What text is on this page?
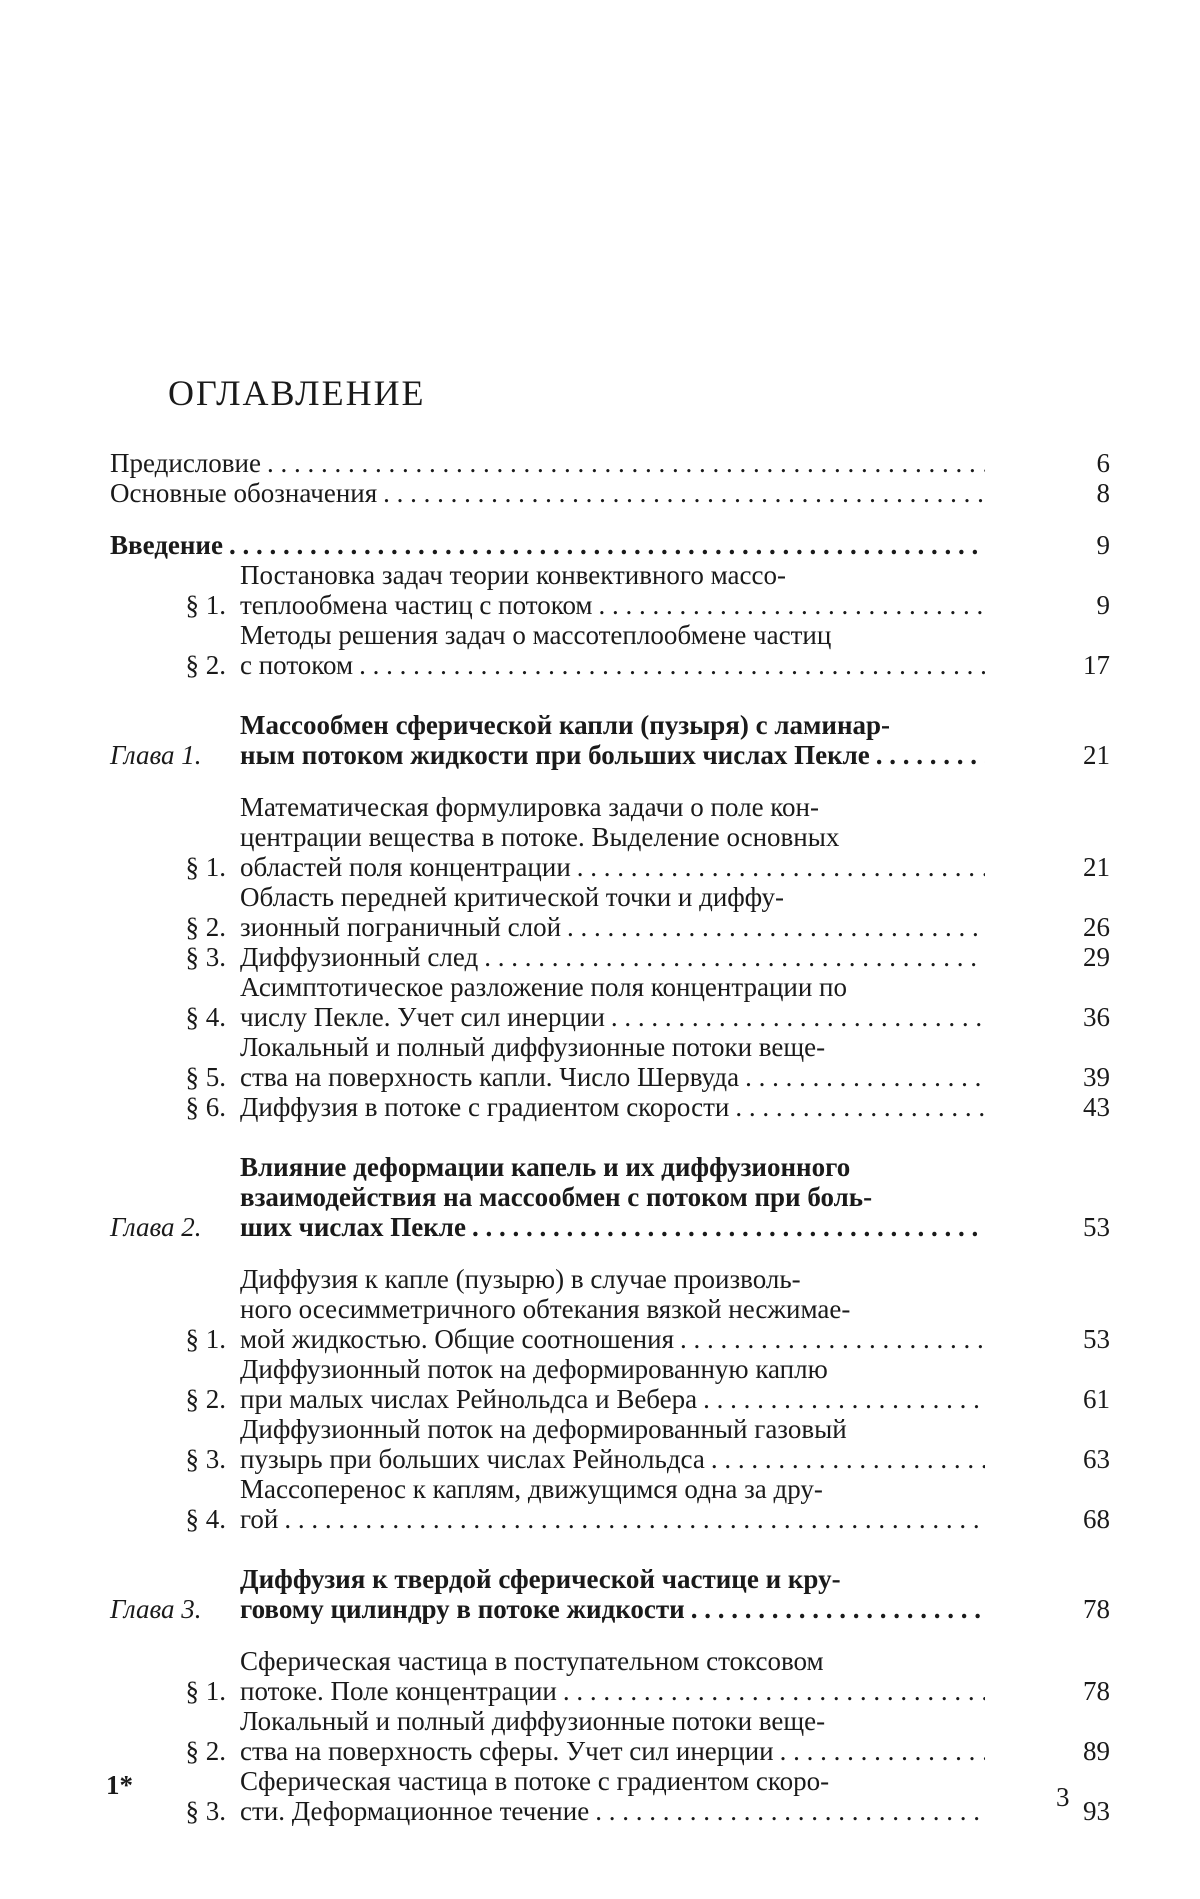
ОГЛАВЛЕНИЕ
Предисловие . . .	6
Основные обозначения . . .	8
Введение . . .	9
§ 1.
Постановка задач теории конвективного массо-
теплообмена частиц с потоком . . .	9
§ 2.
Методы решения задач о массотеплообмене частиц
с потоком . . .	17
Глава 1.
Массообмен сферической капли (пузыря) с ламинар-
ным потоком жидкости при больших числах Пекле . . .	21
§ 1.
Математическая формулировка задачи о поле кон-
центрации вещества в потоке. Выделение основных
областей поля концентрации . . .	21
§ 2.
Область передней критической точки и диффу-
зионный пограничный слой . . .	26
§ 3. Диффузионный след . . .	29
§ 4.
Асимптотическое разложение поля концентрации по
числу Пекле. Учет сил инерции . . .	36
§ 5.
Локальный и полный диффузионные потоки веще-
ства на поверхность капли. Число Шервуда . . .	39
§ 6. Диффузия в потоке с градиентом скорости . . .	43
Глава 2.
Влияние деформации капель и их диффузионного
взаимодействия на массообмен с потоком при боль-
ших числах Пекле . . .	53
§ 1.
Диффузия к капле (пузырю) в случае произволь-
ного осесимметричного обтекания вязкой несжимае-
мой жидкостью. Общие соотношения . . .	53
§ 2.
Диффузионный поток на деформированную каплю
при малых числах Рейнольдса и Вебера . . .	61
§ 3.
Диффузионный поток на деформированный газовый
пузырь при больших числах Рейнольдса . . .	63
§ 4.
Массоперенос к каплям, движущимся одна за дру-
гой . . .	68
Глава 3.
Диффузия к твердой сферической частице и кру-
говому цилиндру в потоке жидкости . . .	78
§ 1.
Сферическая частица в поступательном стоксовом
потоке. Поле концентрации . . .	78
§ 2.
Локальный и полный диффузионные потоки веще-
ства на поверхность сферы. Учет сил инерции . . .	89
§ 3.
Сферическая частица в потоке с градиентом скоро-
сти. Деформационное течение . . .	93
1*	3
